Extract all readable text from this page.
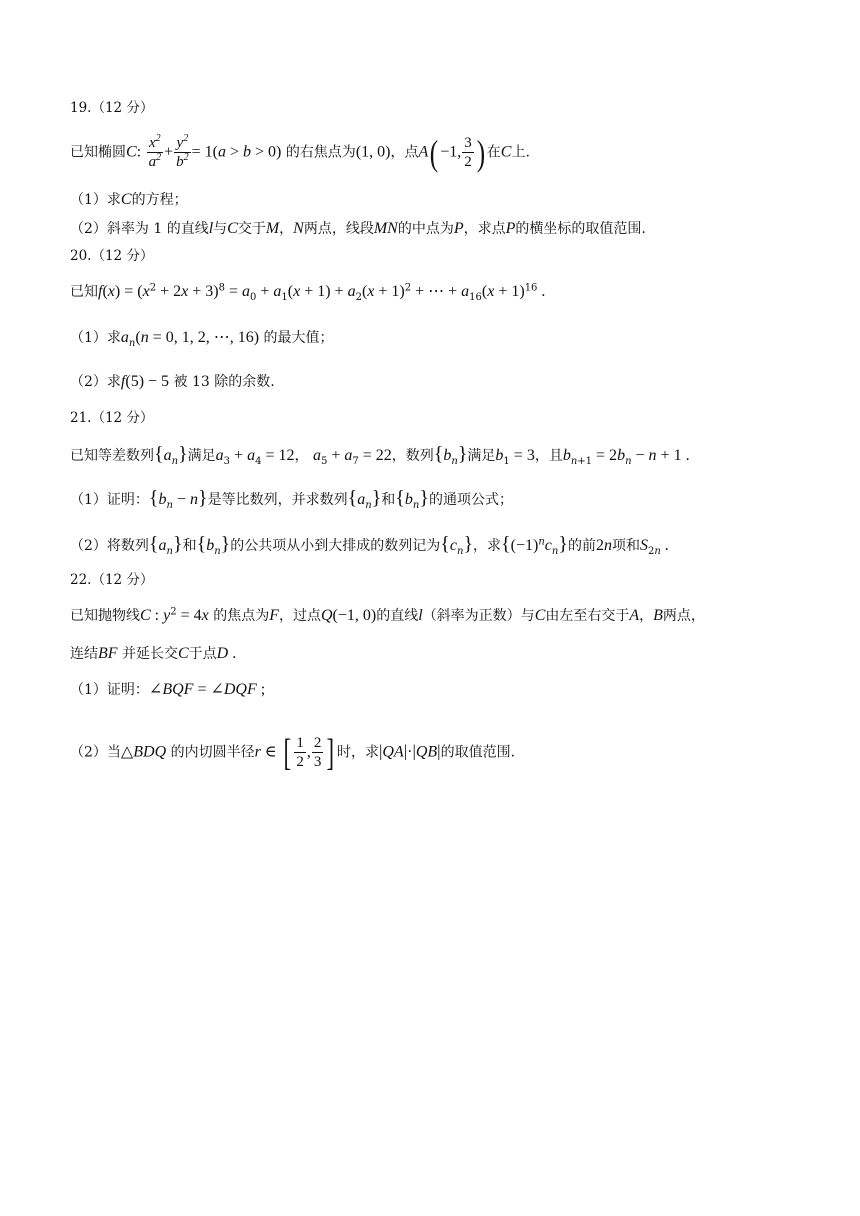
19.（12 分）
已知椭圆C: $\frac{x^2}{a^2} + \frac{y^2}{b^2} = 1(a > b > 0)$ 的右焦点为(1, 0)，点A( −1, $\frac{3}{2}$ ) 在C上.
（1）求C的方程；
（2）斜率为 1 的直线l与C交于M，N两点，线段MN的中点为P，求点P的横坐标的取值范围.
20.（12 分）
已知$f(x) = (x^2 + 2x + 3)^8 = a_0 + a_1(x + 1) + a_2(x + 1)^2$ + ⋯ + $a_{16}(x + 1)^{16}$ .
（1）求$a_n(n = 0$, 1, 2, ⋯, 16) 的最大值；
（2）求f(5) − 5 被 13 除的余数.
21.（12 分）
已知等差数列$\{a_n\}$满足$a_3 + a_4 = 12$， $a_5 + a_7 = 22$，数列$\{b_n\}$满足$b_1 = 3$，且$b_{n+1} = 2b_n - n + 1$ .
（1）证明：$\{b_n - n\}$是等比数列，并求数列$\{a_n\}$和$\{b_n\}$的通项公式；
（2）将数列$\{a_n\}$和$\{b_n\}$的公共项从小到大排成的数列记为$\{c_n\}$，求$\{(-1)^nc_n\}$的前2n项和$S_{2n}$ .
22.（12 分）
已知抛物线C : $y^2 = 4x$ 的焦点为F，过点Q(−1, 0)的直线l（斜率为正数）与C由左至右交于A，B两点，
连结BF 并延长交C于点D .
（1）证明：∠BQF = ∠DQF ;
（2）当△BDQ 的内切圆半径r ∈ [ $\frac{1}{2}$ , $\frac{2}{3}$ ] 时，求|QA|·|QB|的取值范围.
